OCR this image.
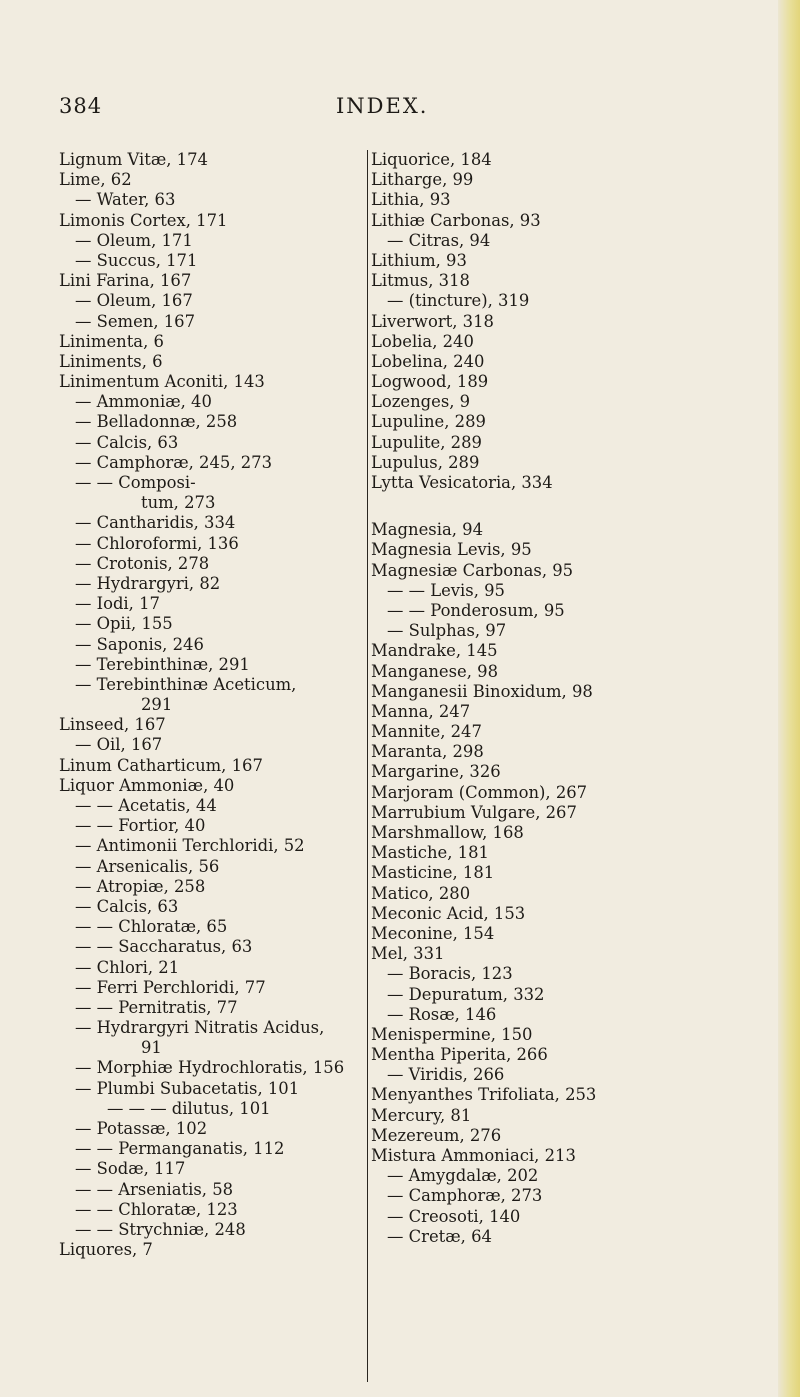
384	INDEX.
Lignum Vitæ, 174
Lime, 62
— Water, 63
Limonis Cortex, 171
— Oleum, 171
— Succus, 171
Lini Farina, 167
— Oleum, 167
— Semen, 167
Linimenta, 6
Liniments, 6
Linimentum Aconiti, 143
— Ammoniæ, 40
— Belladonnæ, 258
— Calcis, 63
— Camphoræ, 245, 273
— — Composi-
tum, 273
— Cantharidis, 334
— Chloroformi, 136
— Crotonis, 278
— Hydrargyri, 82
— Iodi, 17
— Opii, 155
— Saponis, 246
— Terebinthinæ, 291
— Terebinthinæ Aceticum,
291
Linseed, 167
— Oil, 167
Linum Catharticum, 167
Liquor Ammoniæ, 40
— — Acetatis, 44
— — Fortior, 40
— Antimonii Terchloridi, 52
— Arsenicalis, 56
— Atropiæ, 258
— Calcis, 63
— — Chloratæ, 65
— — Saccharatus, 63
— Chlori, 21
— Ferri Perchloridi, 77
— — Pernitratis, 77
— Hydrargyri Nitratis Acidus,
91
— Morphiæ Hydrochloratis, 156
— Plumbi Subacetatis, 101
— — — dilutus, 101
— Potassæ, 102
— — Permanganatis, 112
— Sodæ, 117
— — Arseniatis, 58
— — Chloratæ, 123
— — Strychniæ, 248
Liquores, 7
Liquorice, 184
Litharge, 99
Lithia, 93
Lithiæ Carbonas, 93
— Citras, 94
Lithium, 93
Litmus, 318
— (tincture), 319
Liverwort, 318
Lobelia, 240
Lobelina, 240
Logwood, 189
Lozenges, 9
Lupuline, 289
Lupulite, 289
Lupulus, 289
Lytta Vesicatoria, 334
Magnesia, 94
Magnesia Levis, 95
Magnesiæ Carbonas, 95
— — Levis, 95
— — Ponderosum, 95
— Sulphas, 97
Mandrake, 145
Manganese, 98
Manganesii Binoxidum, 98
Manna, 247
Mannite, 247
Maranta, 298
Margarine, 326
Marjoram (Common), 267
Marrubium Vulgare, 267
Marshmallow, 168
Mastiche, 181
Masticine, 181
Matico, 280
Meconic Acid, 153
Meconine, 154
Mel, 331
— Boracis, 123
— Depuratum, 332
— Rosæ, 146
Menispermine, 150
Mentha Piperita, 266
— Viridis, 266
Menyanthes Trifoliata, 253
Mercury, 81
Mezereum, 276
Mistura Ammoniaci, 213
— Amygdalæ, 202
— Camphoræ, 273
— Creosoti, 140
— Cretæ, 64
